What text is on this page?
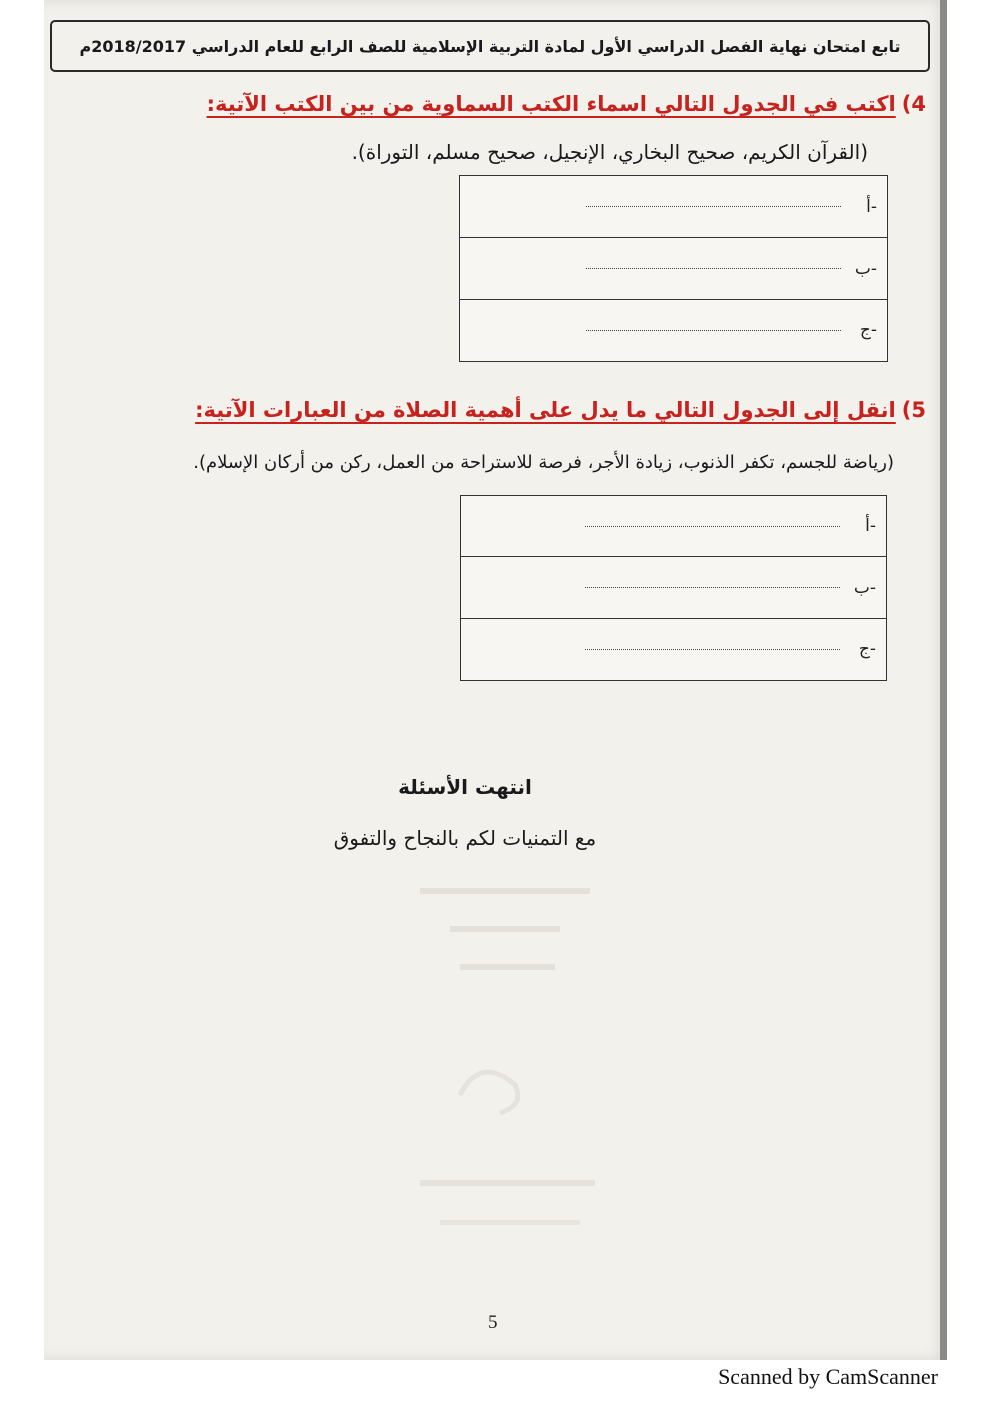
تابع امتحان نهاية الفصل الدراسي الأول لمادة التربية الإسلامية للصف الرابع للعام الدراسي 2018/2017م
4)اكتب في الجدول التالي اسماء الكتب السماوية من بين الكتب الآتية:
(القرآن الكريم، صحيح البخاري، الإنجيل، صحيح مسلم، التوراة).
أ-
ب-
ج-
5)انقل إلى الجدول التالي ما يدل على أهمية الصلاة من العبارات الآتية:
(رياضة للجسم، تكفر الذنوب، زيادة الأجر، فرصة للاستراحة من العمل، ركن من أركان الإسلام).
أ-
ب-
ج-
انتهت الأسئلة
مع التمنيات لكم بالنجاح والتفوق
5
Scanned by CamScanner
